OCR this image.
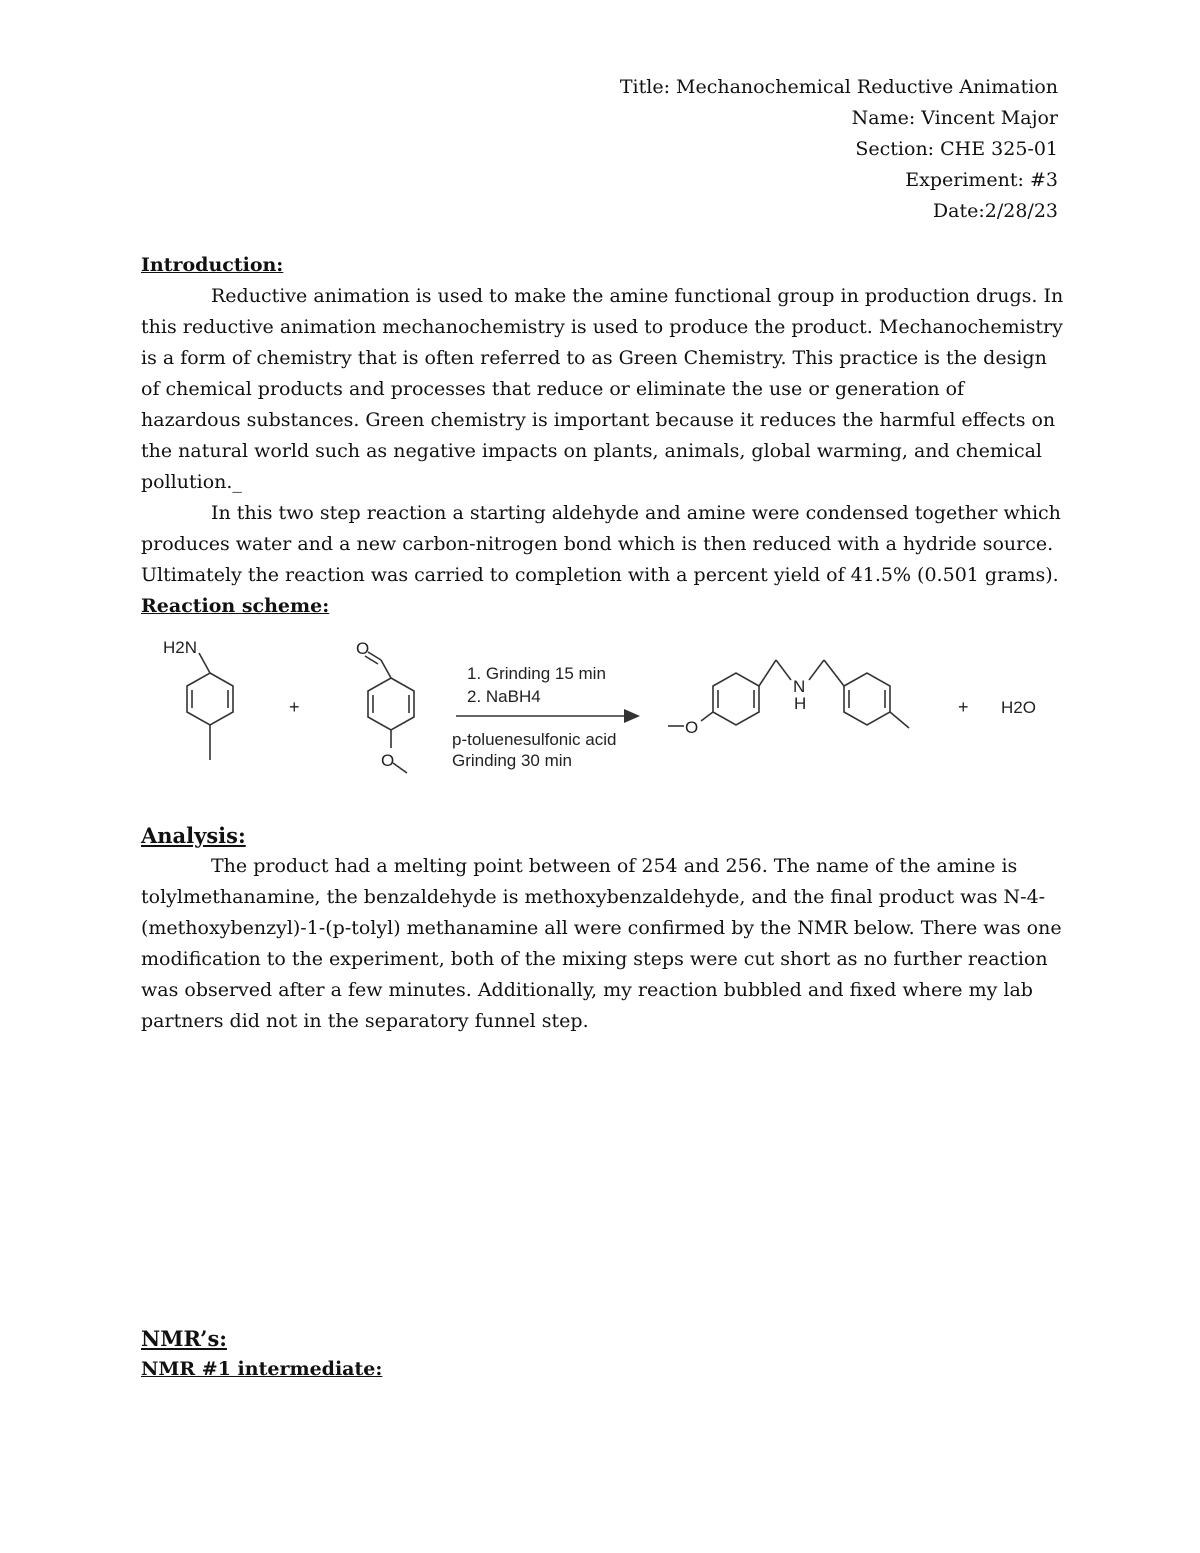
Title: Mechanochemical Reductive Animation
Name: Vincent Major
Section: CHE 325-01
Experiment: #3
Date:2/28/23
Introduction:

Reductive animation is used to make the amine functional group in production drugs. In this reductive animation mechanochemistry is used to produce the product. Mechanochemistry is a form of chemistry that is often referred to as Green Chemistry. This practice is the design of chemical products and processes that reduce or eliminate the use or generation of hazardous substances. Green chemistry is important because it reduces the harmful effects on the natural world such as negative impacts on plants, animals, global warming, and chemical pollution._

In this two step reaction a starting aldehyde and amine were condensed together which produces water and a new carbon-nitrogen bond which is then reduced with a hydride source. Ultimately the reaction was carried to completion with a percent yield of 41.5% (0.501 grams).

Reaction scheme:
H2N
+
O
O
1. Grinding 15 min
2. NaBH4
p-toluenesulfonic acid
Grinding 30 min
O
N
H	+ H2O
Analysis:

The product had a melting point between of 254 and 256. The name of the amine is tolylmethanamine, the benzaldehyde is methoxybenzaldehyde, and the final product was N-4-(methoxybenzyl)-1-(p-tolyl) methanamine all were confirmed by the NMR below. There was one modification to the experiment, both of the mixing steps were cut short as no further reaction was observed after a few minutes. Additionally, my reaction bubbled and fixed where my lab partners did not in the separatory funnel step.

NMR’s:
NMR #1 intermediate:
